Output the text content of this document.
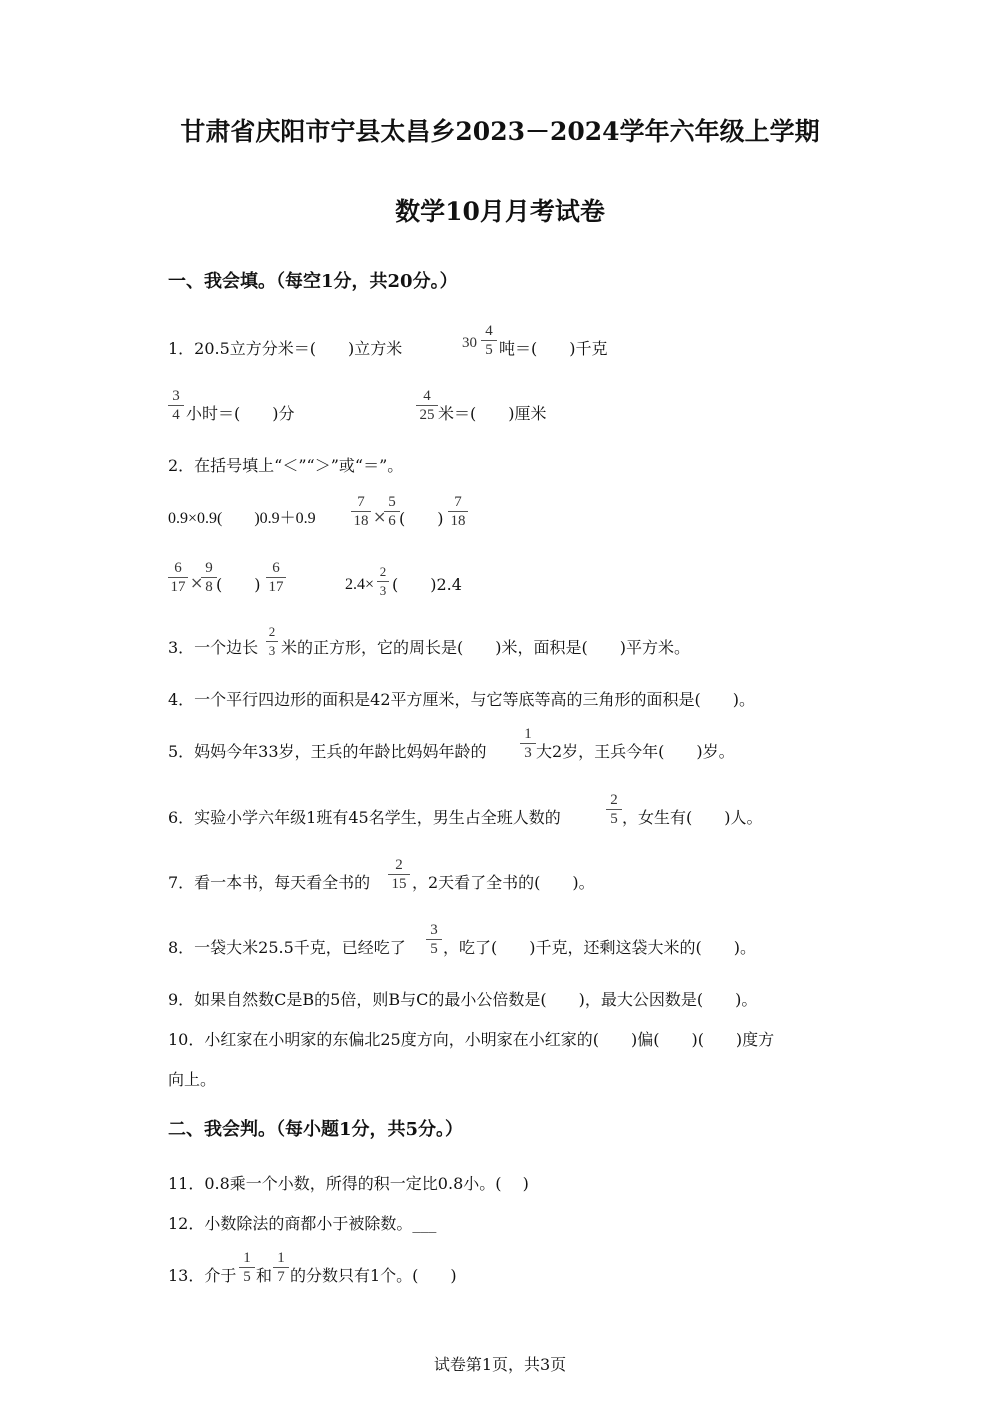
甘肃省庆阳市宁县太昌乡2023－2024学年六年级上学期
数学10月月考试卷
一、我会填。（每空1分，共20分。）
1．20.5立方分米＝(　　)立方米	30
4
5 吨＝(　　)千克
3
4 小时＝(　　)分
4
25 米＝(　　)厘米
2．在括号填上“＜”“＞”或“＝”。
0.9×0.9(　　)0.9＋0.9
7
18 ×
5
6 (　　)
7
18
6
17 ×
9
8 (　　)
6
17	2.4×
2
3 (　　)2.4
3．一个边长
2
3 米的正方形，它的周长是(　　)米，面积是(　　)平方米。
4．一个平行四边形的面积是42平方厘米，与它等底等高的三角形的面积是(　　)。
5．妈妈今年33岁，王兵的年龄比妈妈年龄的
1
3 大2岁，王兵今年(　　)岁。
6．实验小学六年级1班有45名学生，男生占全班人数的
2
5 ，女生有(　　)人。
7．看一本书，每天看全书的
2
15 ，2天看了全书的(　　)。
8．一袋大米25.5千克，已经吃了
3
5 ，吃了(　　)千克，还剩这袋大米的(　　)。
9．如果自然数C是B的5倍，则B与C的最小公倍数是(　　)，最大公因数是(　　)。
10．小红家在小明家的东偏北25度方向，小明家在小红家的(　　)偏(　　)(　　)度方
向上。
二、我会判。（每小题1分，共5分。）
11．0.8乘一个小数，所得的积一定比0.8小。(　 )
12．小数除法的商都小于被除数。___
13．介于
1
5 和
1
7 的分数只有1个。(　　)
试卷第1页，共3页
